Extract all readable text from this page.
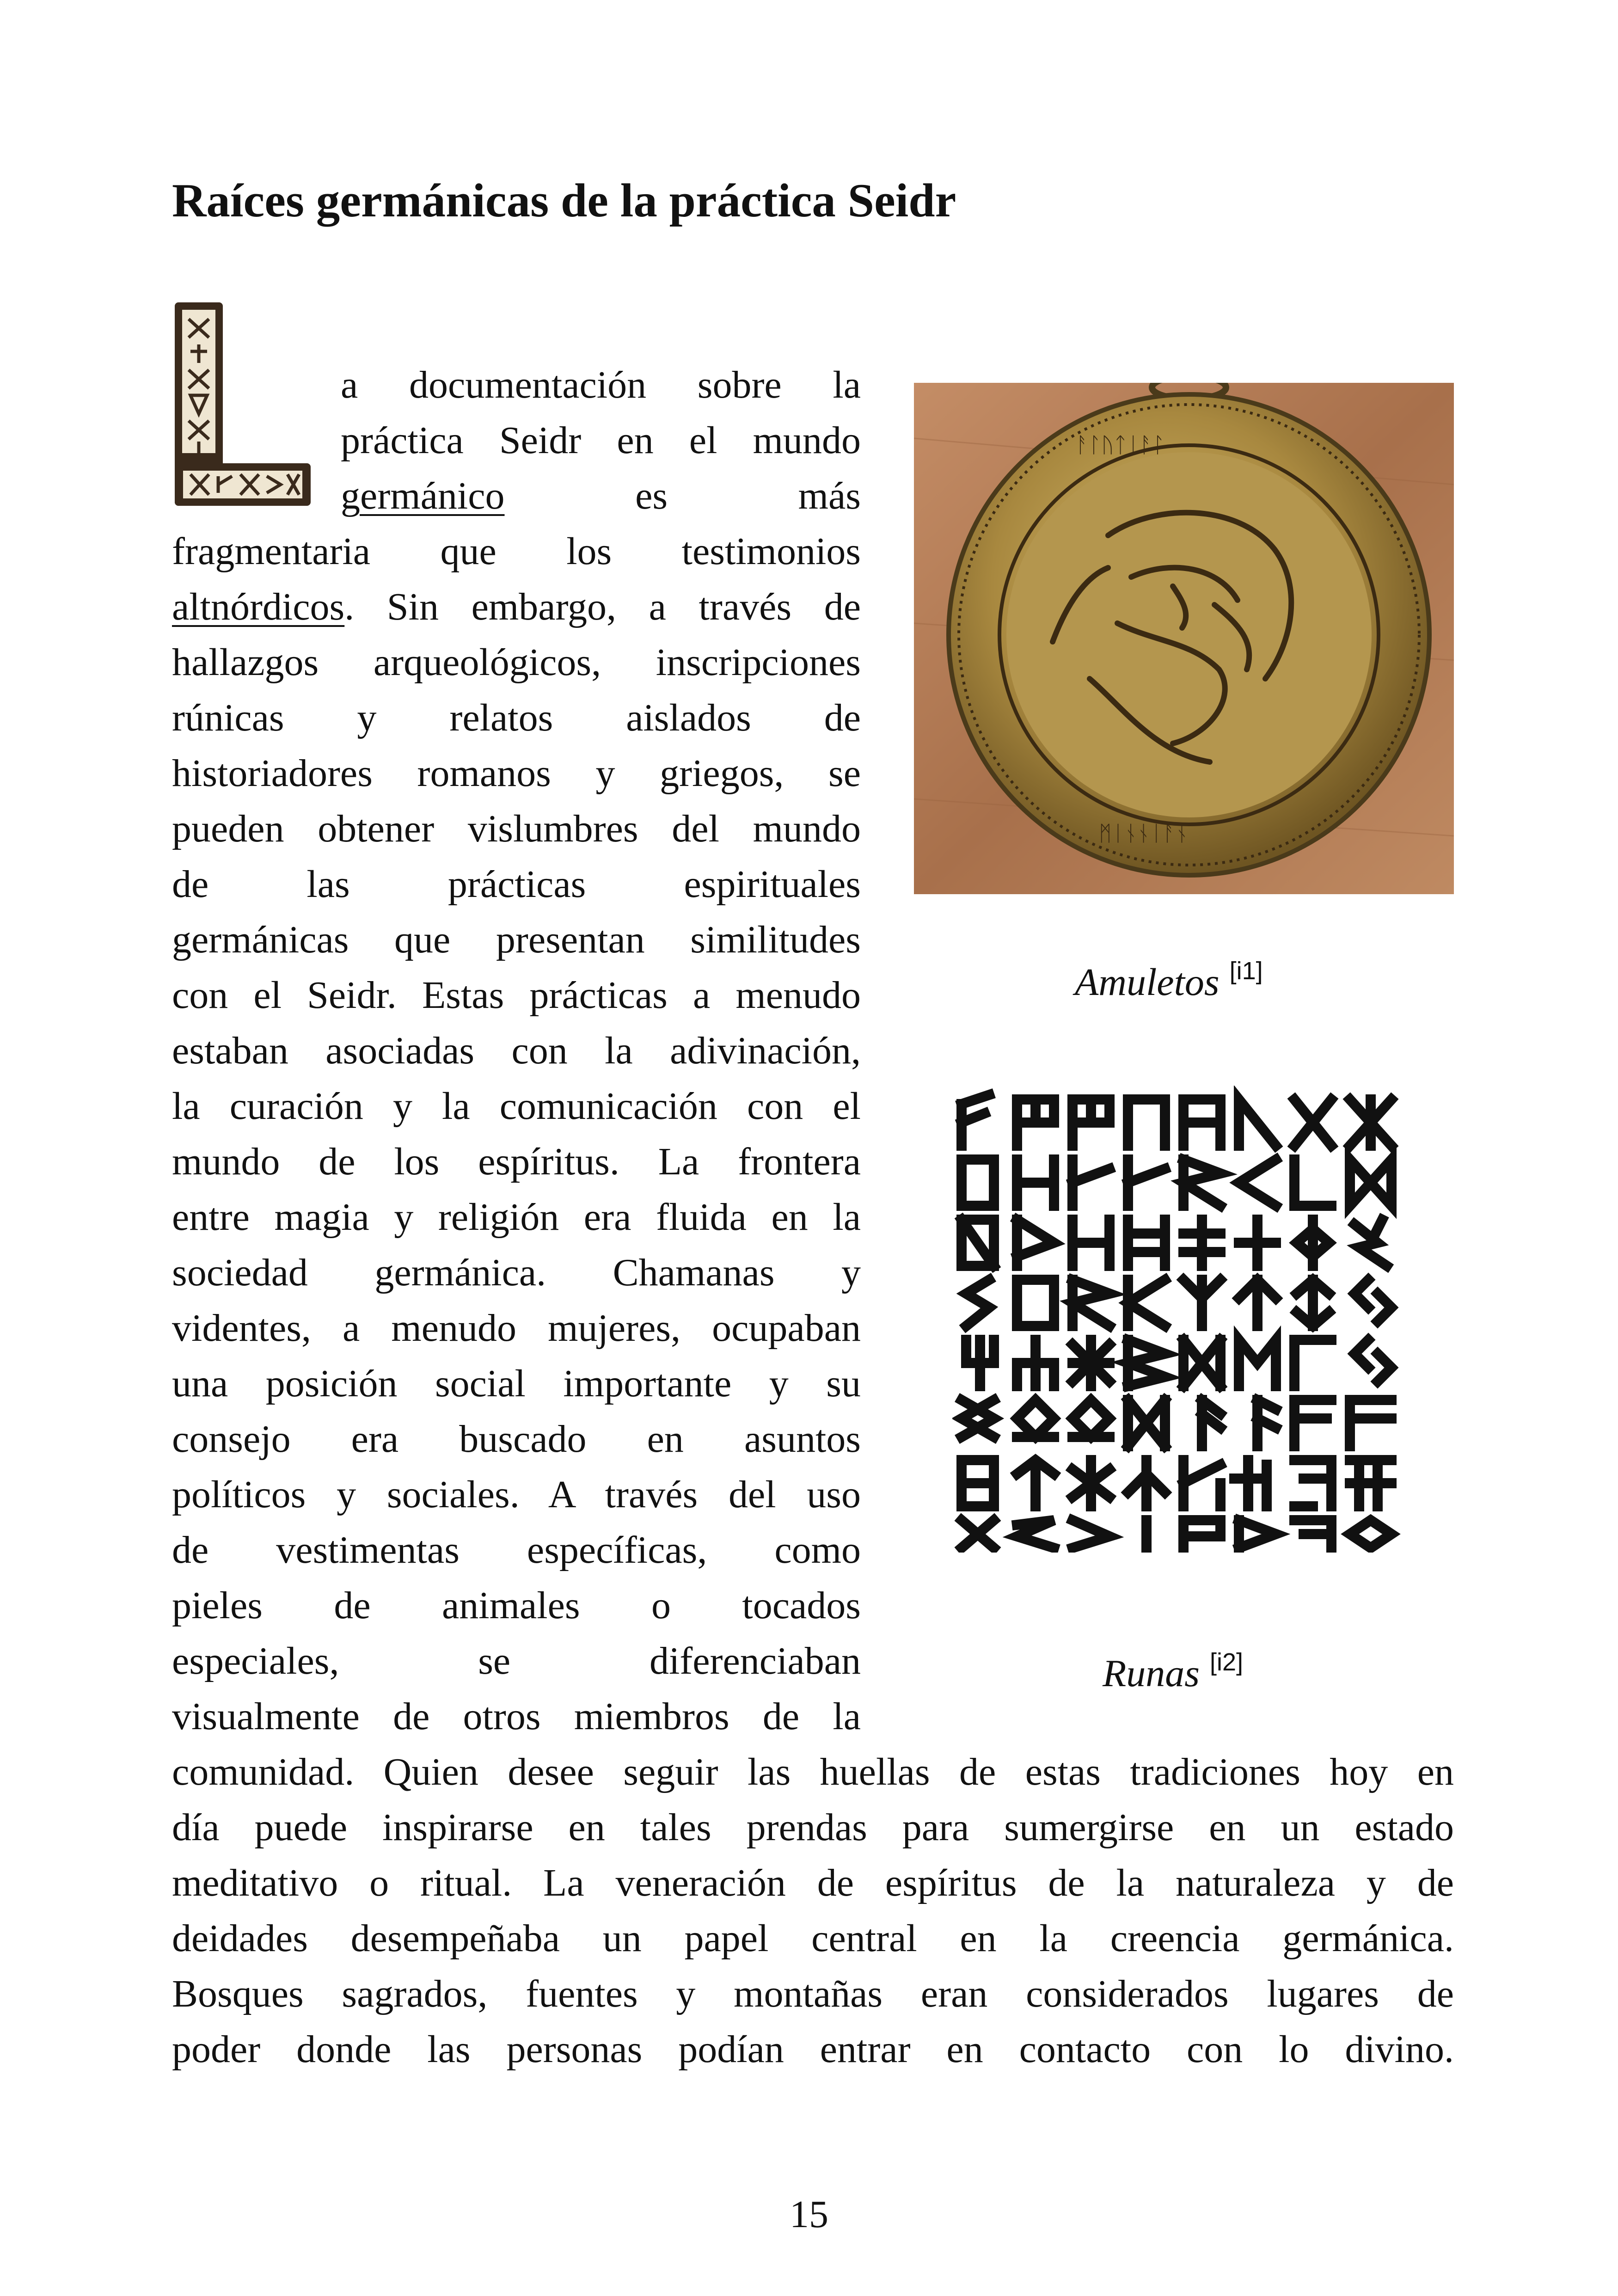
Raíces germánicas de la práctica Seidr
a documentación sobre la
práctica Seidr en el mundo
germánico es más
fragmentaria que los testimonios
altnórdicos. Sin embargo, a través de
hallazgos arqueológicos, inscripciones
rúnicas y relatos aislados de
historiadores romanos y griegos, se
pueden obtener vislumbres del mundo
de las prácticas espirituales
germánicas que presentan similitudes
con el Seidr. Estas prácticas a menudo
estaban asociadas con la adivinación,
la curación y la comunicación con el
mundo de los espíritus. La frontera
entre magia y religión era fluida en la
sociedad germánica. Chamanas y
videntes, a menudo mujeres, ocupaban
una posición social importante y su
consejo era buscado en asuntos
políticos y sociales. A través del uso
de vestimentas específicas, como
pieles de animales o tocados
especiales, se diferenciaban
visualmente de otros miembros de la
comunidad. Quien desee seguir las huellas de estas tradiciones hoy en
día puede inspirarse en tales prendas para sumergirse en un estado
meditativo o ritual. La veneración de espíritus de la naturaleza y de
deidades desempeñaba un papel central en la creencia germánica.
Bosques sagrados, fuentes y montañas eran considerados lugares de
poder donde las personas podían entrar en contacto con lo divino.
ᚨᛚᚢᛏᛁᚨᛚ
ᛗᛁᚾᚾᛁᚨᚾ
Amuletos [i1]
Runas [i2]
15
